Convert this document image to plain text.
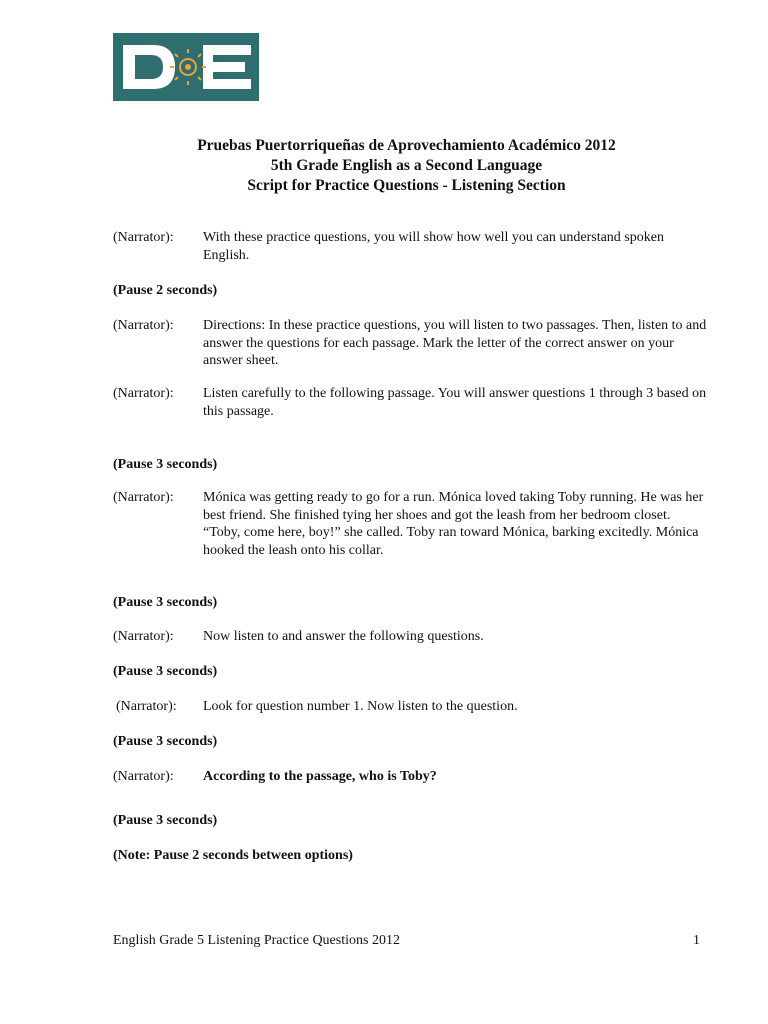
Pruebas Puertorriqueñas de Aprovechamiento Académico 2012
5th Grade English as a Second Language
Script for Practice Questions - Listening Section
(Narrator):	With these practice questions, you will show how well you can understand spoken English.
(Pause 2 seconds)
(Narrator):	Directions: In these practice questions, you will listen to two passages. Then, listen to and answer the questions for each passage. Mark the letter of the correct answer on your answer sheet.
(Narrator):	Listen carefully to the following passage. You will answer questions 1 through 3 based on this passage.
(Pause 3 seconds)
(Narrator):	Mónica was getting ready to go for a run. Mónica loved taking Toby running. He was her best friend. She finished tying her shoes and got the leash from her bedroom closet. “Toby, come here, boy!” she called. Toby ran toward Mónica, barking excitedly. Mónica hooked the leash onto his collar.
(Pause 3 seconds)
(Narrator):	Now listen to and answer the following questions.
(Pause 3 seconds)
(Narrator):	Look for question number 1. Now listen to the question.
(Pause 3 seconds)
(Narrator):	According to the passage, who is Toby?
(Pause 3 seconds)
(Note: Pause 2 seconds between options)
English Grade 5 Listening Practice Questions 2012	1
